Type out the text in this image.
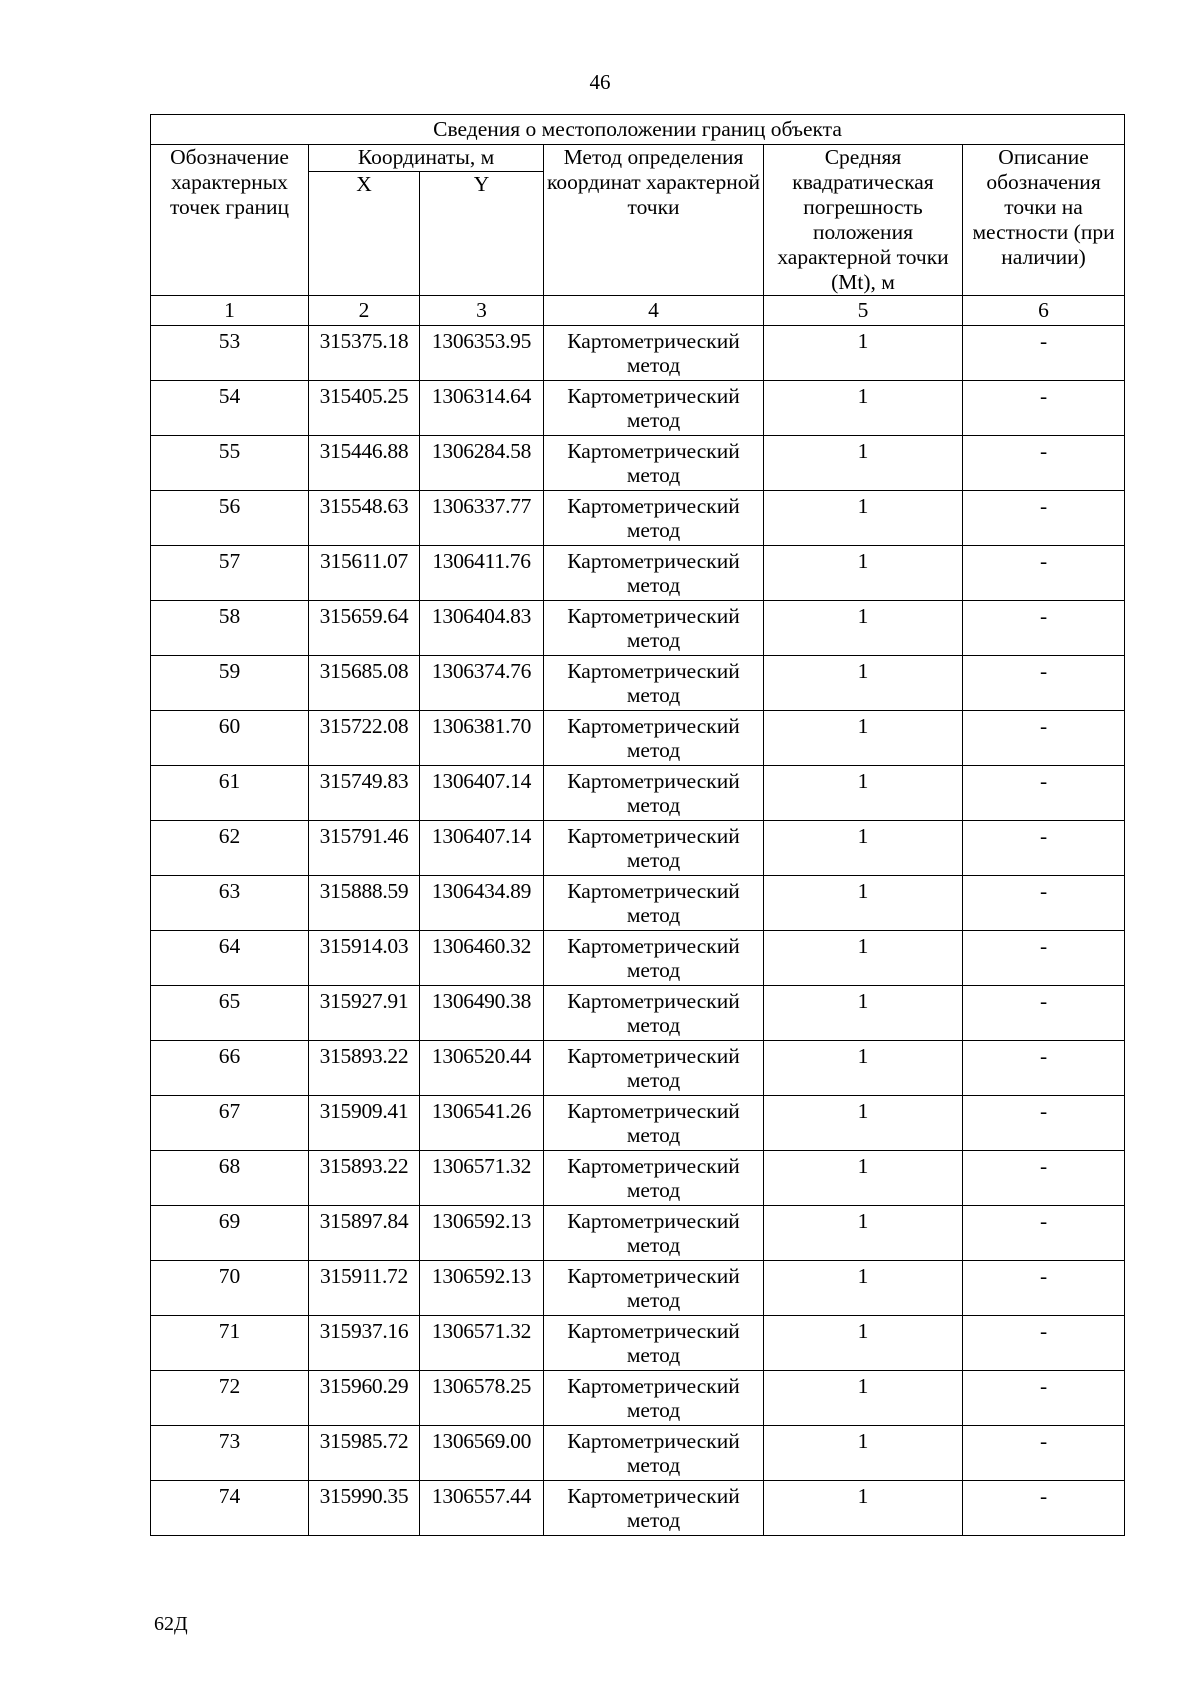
46
Сведения о местоположении границ объекта					
Обозначение характерных точек границ	Координаты, м		Метод определения координат характерной точки	Средняя квадратическая погрешность положения характерной точки (Mt), м	Описание обозначения точки на местности (при наличии)
	X	Y			
1	2	3	4	5	6
53	315375.18	1306353.95	Картометрический метод	1	-
54	315405.25	1306314.64	Картометрический метод	1	-
55	315446.88	1306284.58	Картометрический метод	1	-
56	315548.63	1306337.77	Картометрический метод	1	-
57	315611.07	1306411.76	Картометрический метод	1	-
58	315659.64	1306404.83	Картометрический метод	1	-
59	315685.08	1306374.76	Картометрический метод	1	-
60	315722.08	1306381.70	Картометрический метод	1	-
61	315749.83	1306407.14	Картометрический метод	1	-
62	315791.46	1306407.14	Картометрический метод	1	-
63	315888.59	1306434.89	Картометрический метод	1	-
64	315914.03	1306460.32	Картометрический метод	1	-
65	315927.91	1306490.38	Картометрический метод	1	-
66	315893.22	1306520.44	Картометрический метод	1	-
67	315909.41	1306541.26	Картометрический метод	1	-
68	315893.22	1306571.32	Картометрический метод	1	-
69	315897.84	1306592.13	Картометрический метод	1	-
70	315911.72	1306592.13	Картометрический метод	1	-
71	315937.16	1306571.32	Картометрический метод	1	-
72	315960.29	1306578.25	Картометрический метод	1	-
73	315985.72	1306569.00	Картометрический метод	1	-
74	315990.35	1306557.44	Картометрический метод	1	-
62Д
